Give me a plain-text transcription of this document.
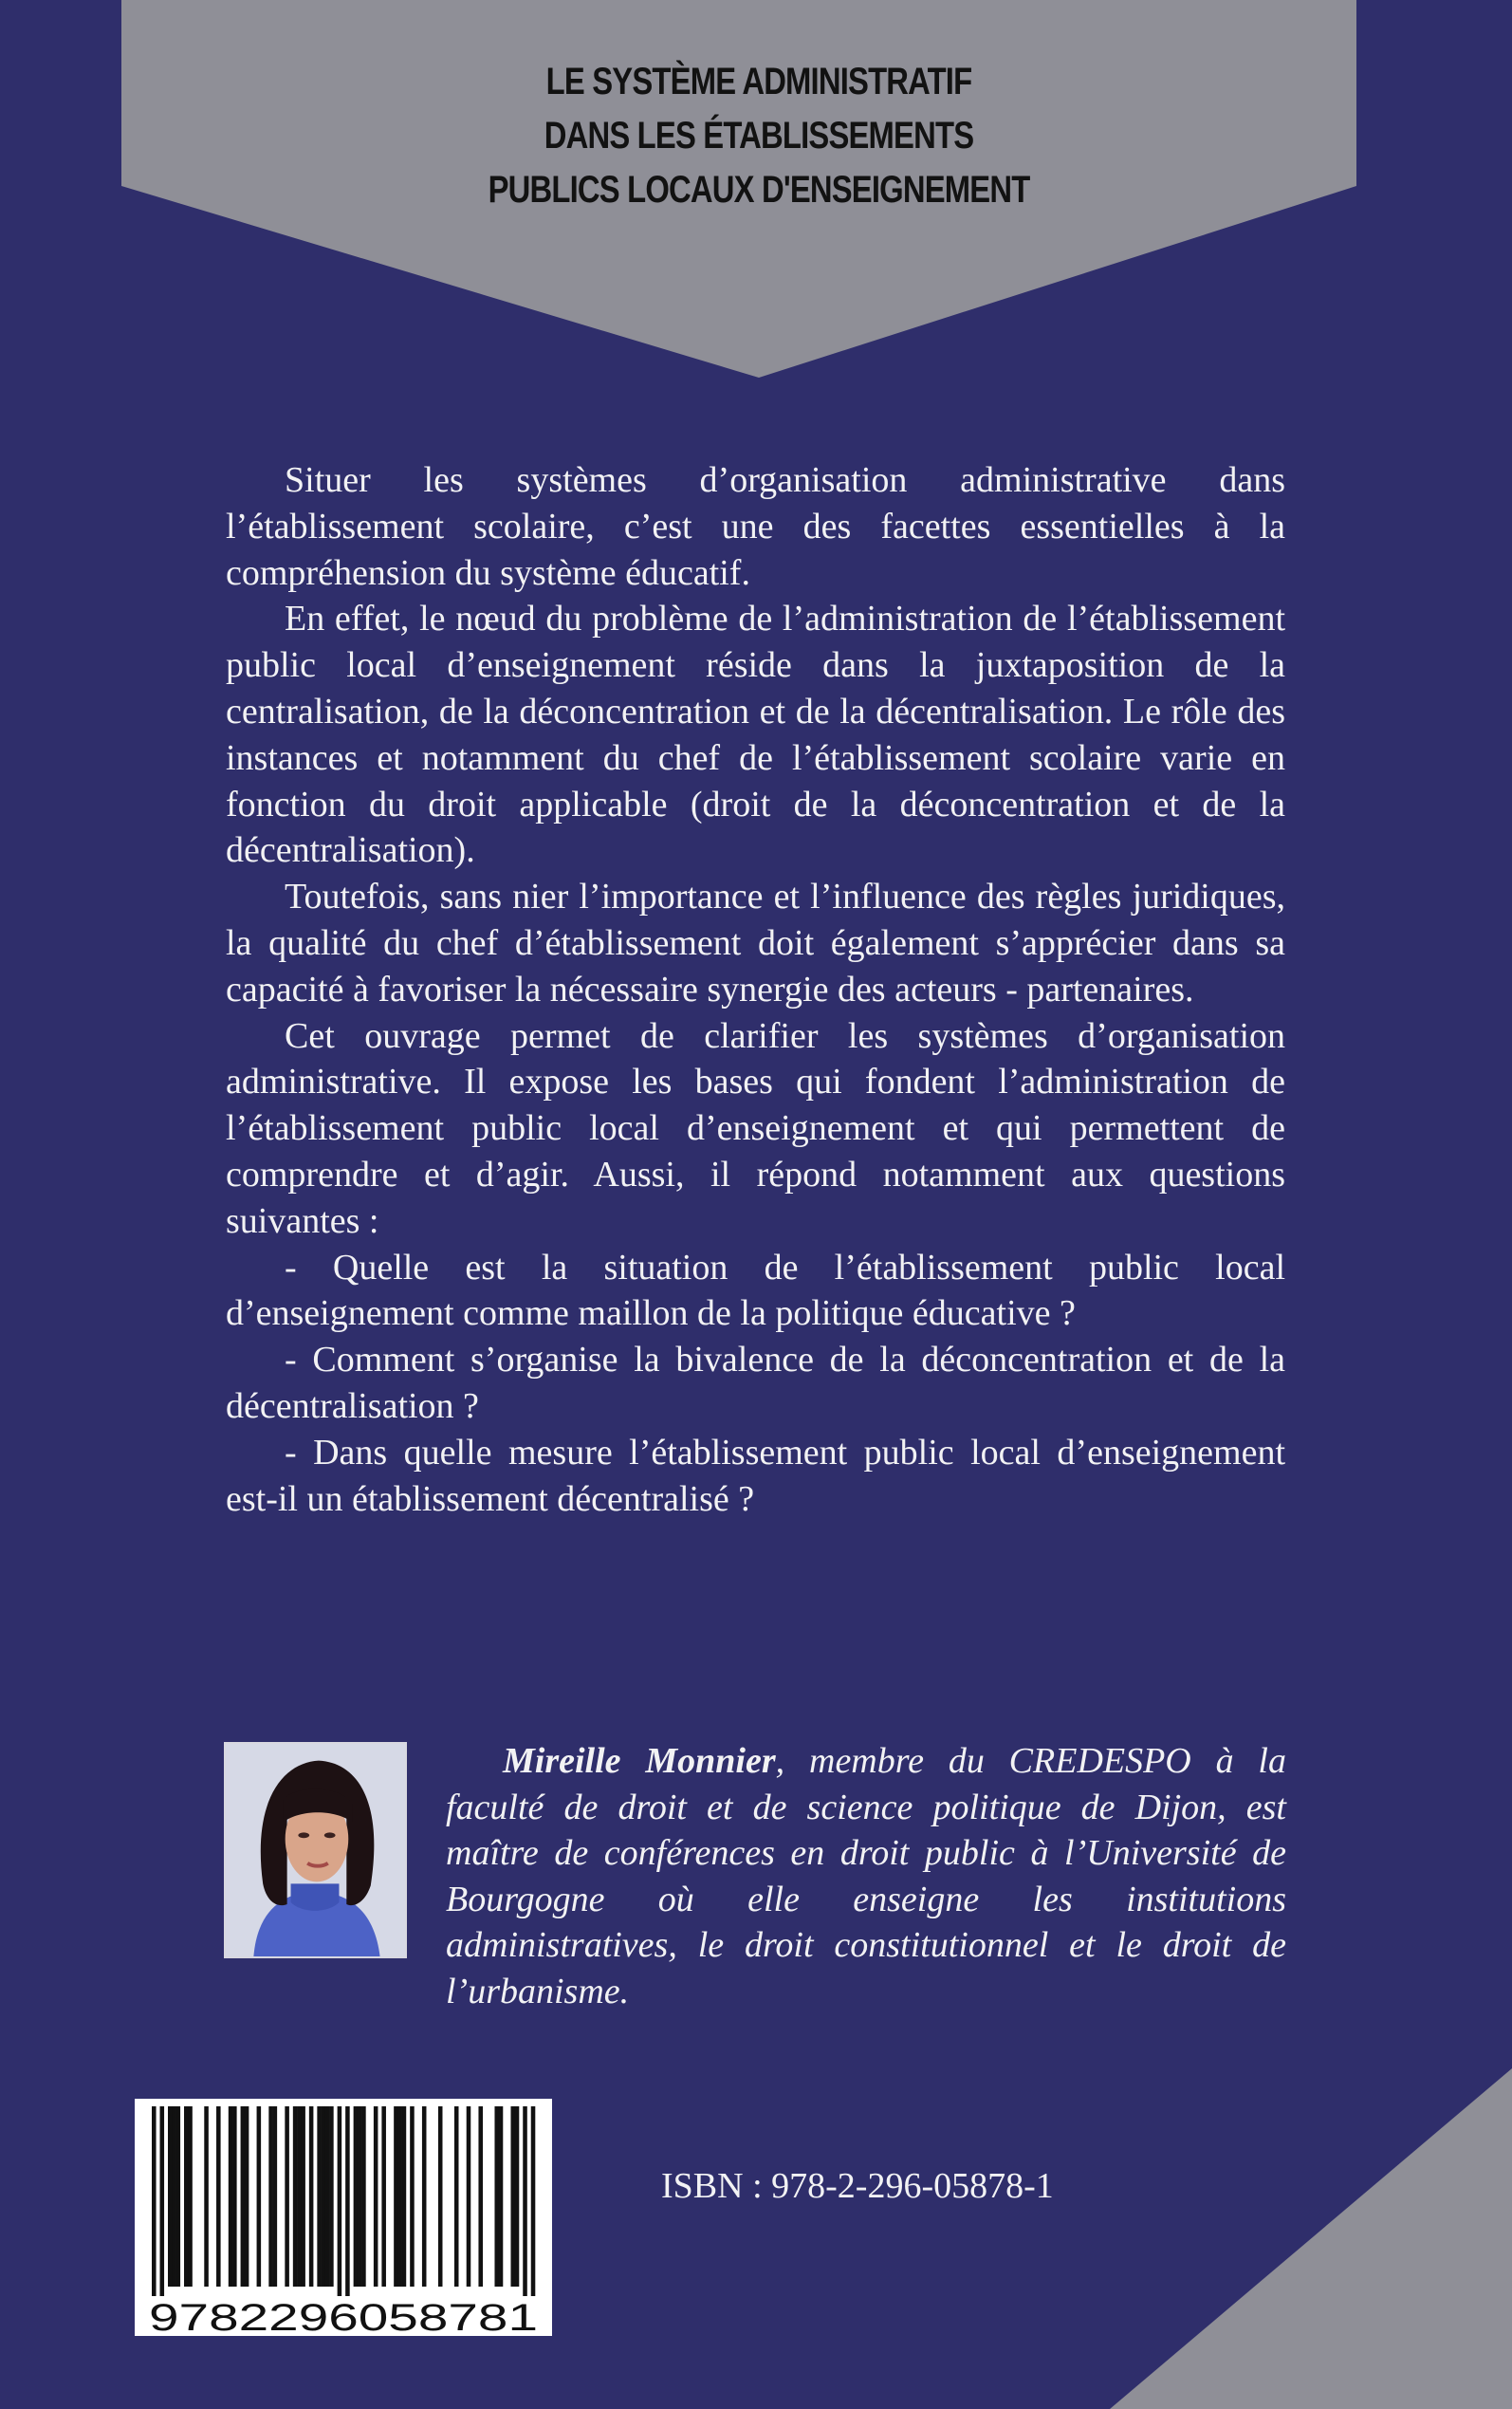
LE SYSTÈME ADMINISTRATIF
DANS LES ÉTABLISSEMENTS
PUBLICS LOCAUX D'ENSEIGNEMENT

Situer les systèmes d’organisation administrative dans l’établissement scolaire, c’est une des facettes essentielles à la compréhension du système éducatif.

En effet, le nœud du problème de l’administration de l’établissement public local d’enseignement réside dans la juxtaposition de la centralisation, de la déconcentration et de la décentralisation. Le rôle des instances et notamment du chef de l’établissement scolaire varie en fonction du droit applicable (droit de la déconcentration et de la décentralisation).

Toutefois, sans nier l’importance et l’influence des règles juridiques, la qualité du chef d’établissement doit également s’apprécier dans sa capacité à favoriser la nécessaire synergie des acteurs - partenaires.

Cet ouvrage permet de clarifier les systèmes d’organisation administrative. Il expose les bases qui fondent l’administration de l’établissement public local d’enseignement et qui permettent de comprendre et d’agir. Aussi, il répond notamment aux questions suivantes :

- Quelle est la situation de l’établissement public local d’enseignement comme maillon de la politique éducative ?

- Comment s’organise la bivalence de la déconcentration et de la décentralisation ?

- Dans quelle mesure l’établissement public local d’enseignement est-il un établissement décentralisé ?

Mireille Monnier, membre du CREDESPO à la faculté de droit et de science politique de Dijon, est maître de conférences en droit public à l’Université de Bourgogne où elle enseigne les institutions administratives, le droit constitutionnel et le droit de l’urbanisme.
9782296058781
ISBN : 978-2-296-05878-1
